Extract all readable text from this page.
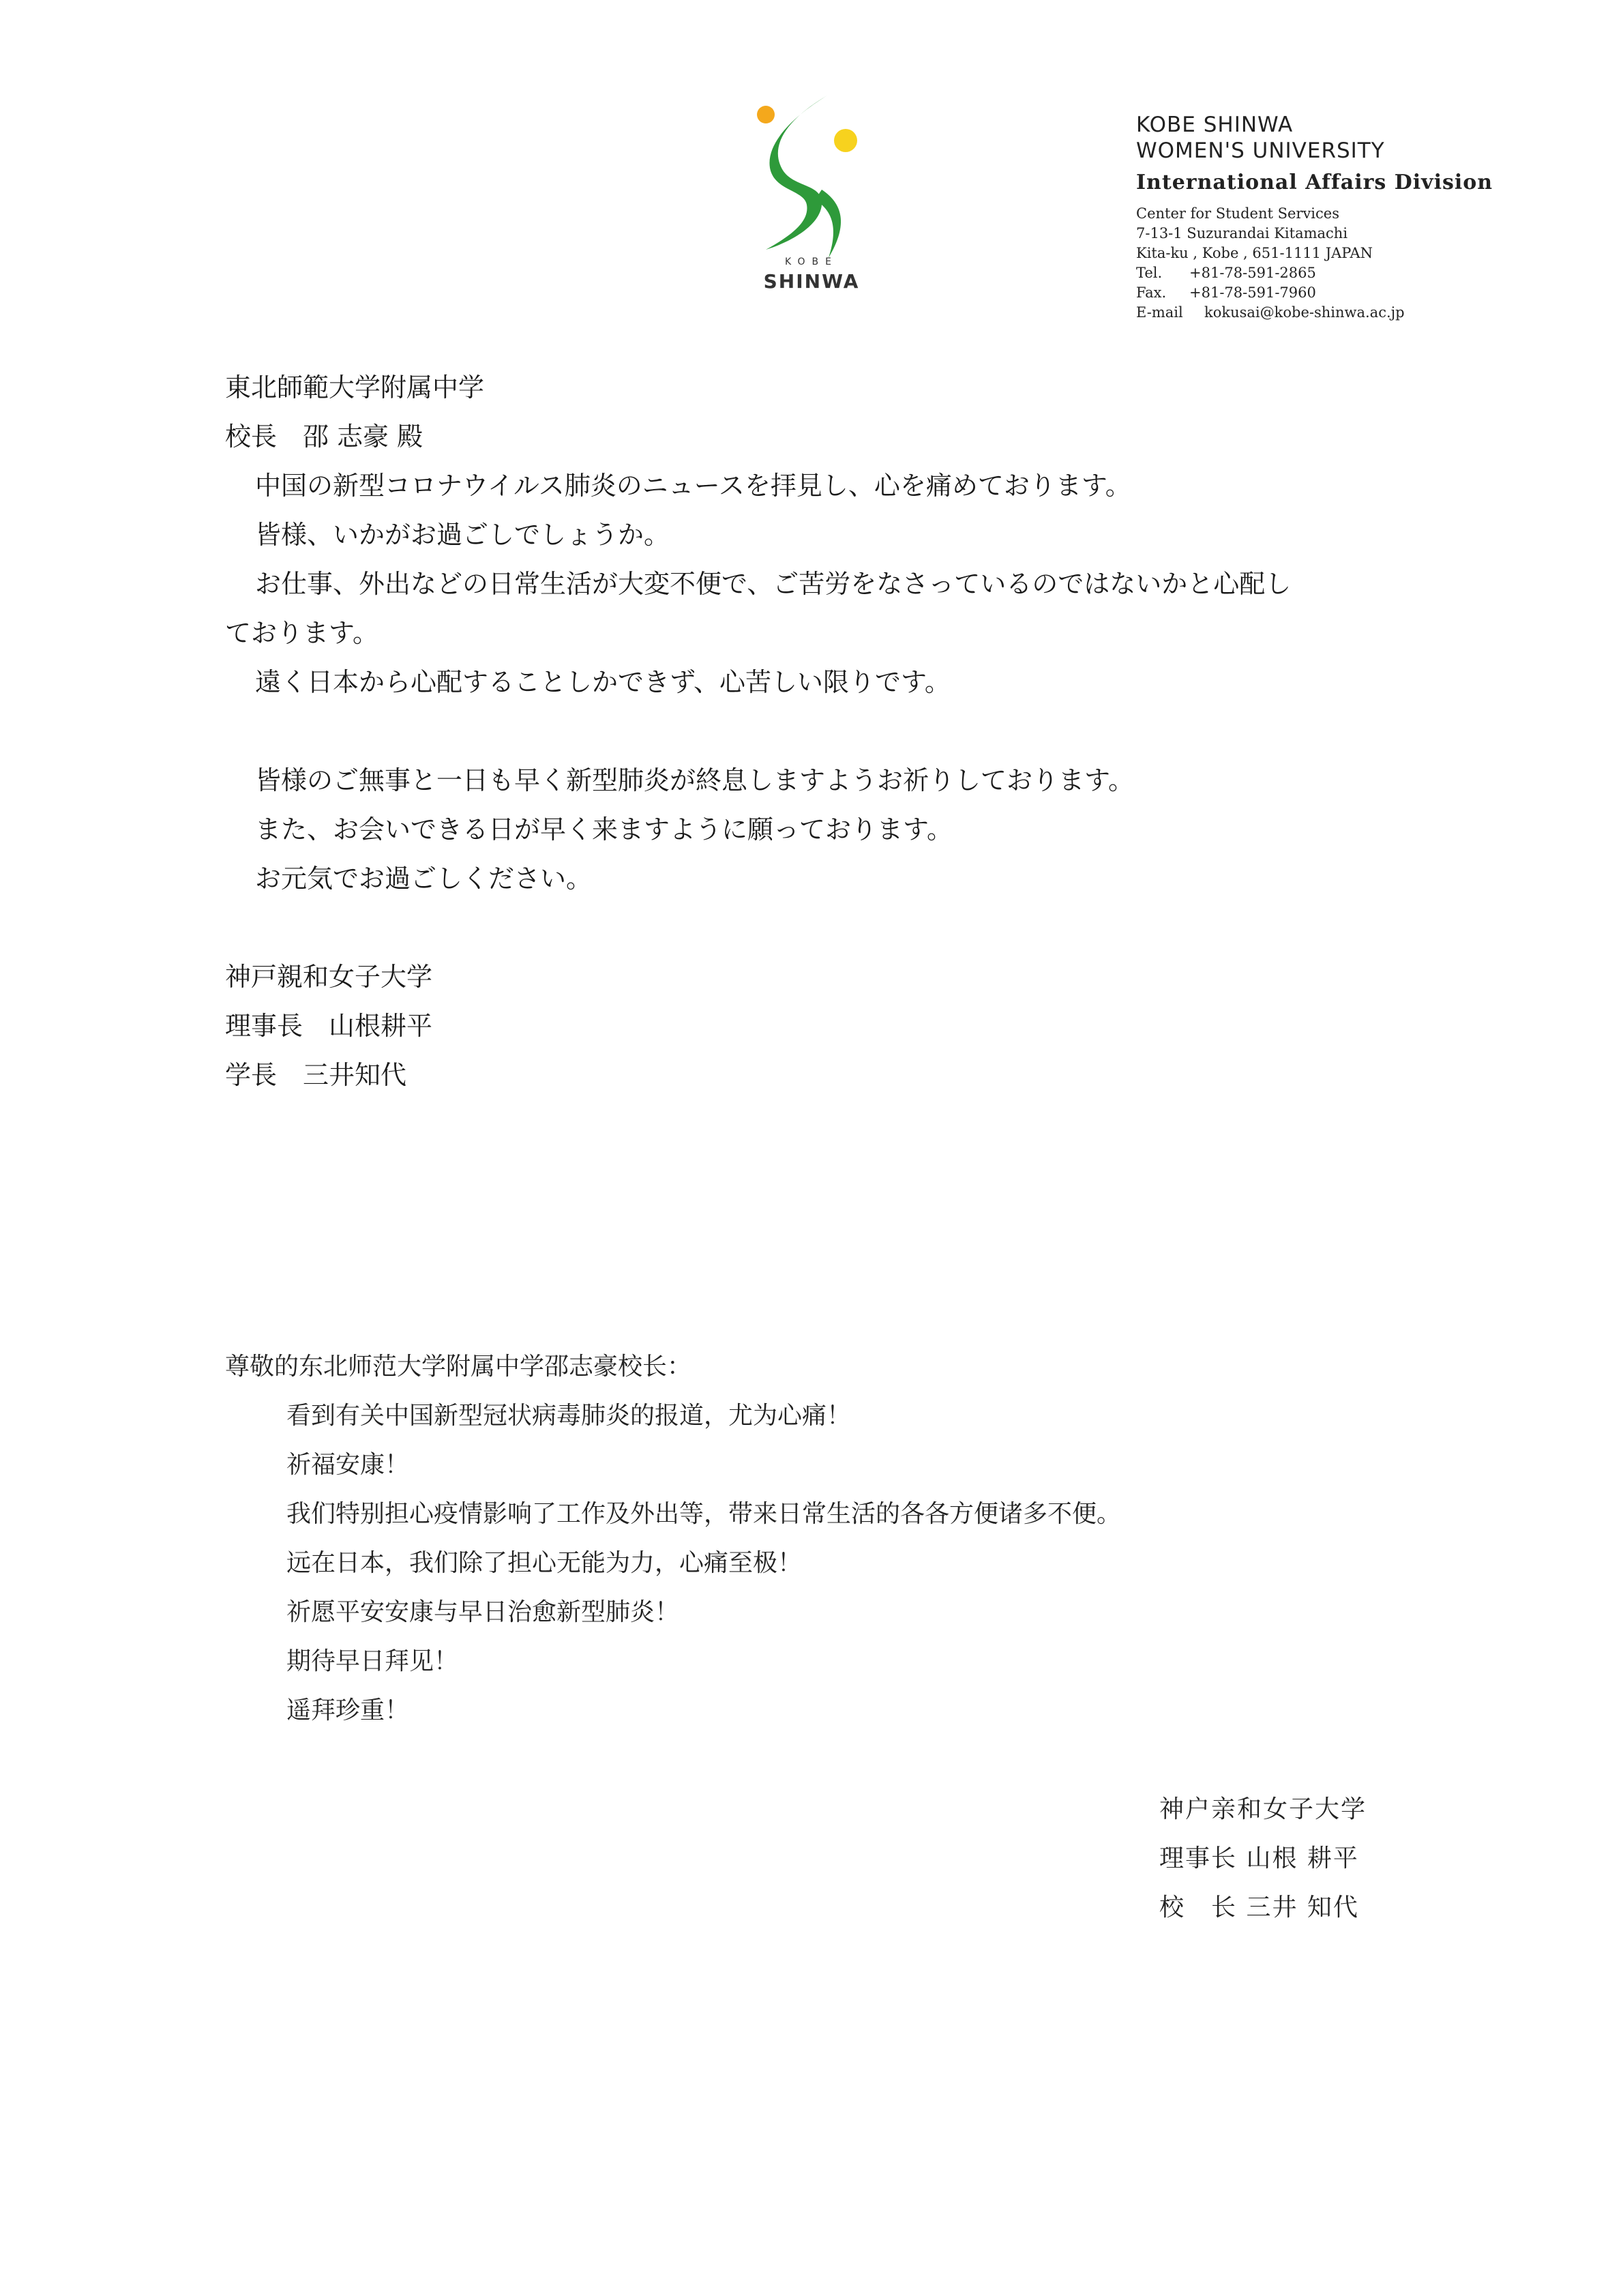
KOBE
SHINWA
KOBE SHINWA
WOMEN'S UNIVERSITY
International Affairs Division
Center for Student Services
7-13-1 Suzurandai Kitamachi
Kita-ku , Kobe , 651-1111 JAPAN
Tel. +81-78-591-2865
Fax. +81-78-591-7960
E-mail kokusai@kobe-shinwa.ac.jp

東北師範大学附属中学

校長　邵 志豪 殿

中国の新型コロナウイルス肺炎のニュースを拝見し、心を痛めております。

皆様、いかがお過ごしでしょうか。

お仕事、外出などの日常生活が大変不便で、ご苦労をなさっているのではないかと心配し

ております。

遠く日本から心配することしかできず、心苦しい限りです。

皆様のご無事と一日も早く新型肺炎が終息しますようお祈りしております。

また、お会いできる日が早く来ますように願っております。

お元気でお過ごしください。

神戸親和女子大学

理事長　山根耕平

学長　三井知代

尊敬的东北师范大学附属中学邵志豪校长：

看到有关中国新型冠状病毒肺炎的报道，尤为心痛！

祈福安康！

我们特别担心疫情影响了工作及外出等，带来日常生活的各各方便诸多不便。

远在日本，我们除了担心无能为力，心痛至极！

祈愿平安安康与早日治愈新型肺炎！

期待早日拜见！

遥拜珍重！

神户亲和女子大学

理事长 山根 耕平

校　长 三井 知代
